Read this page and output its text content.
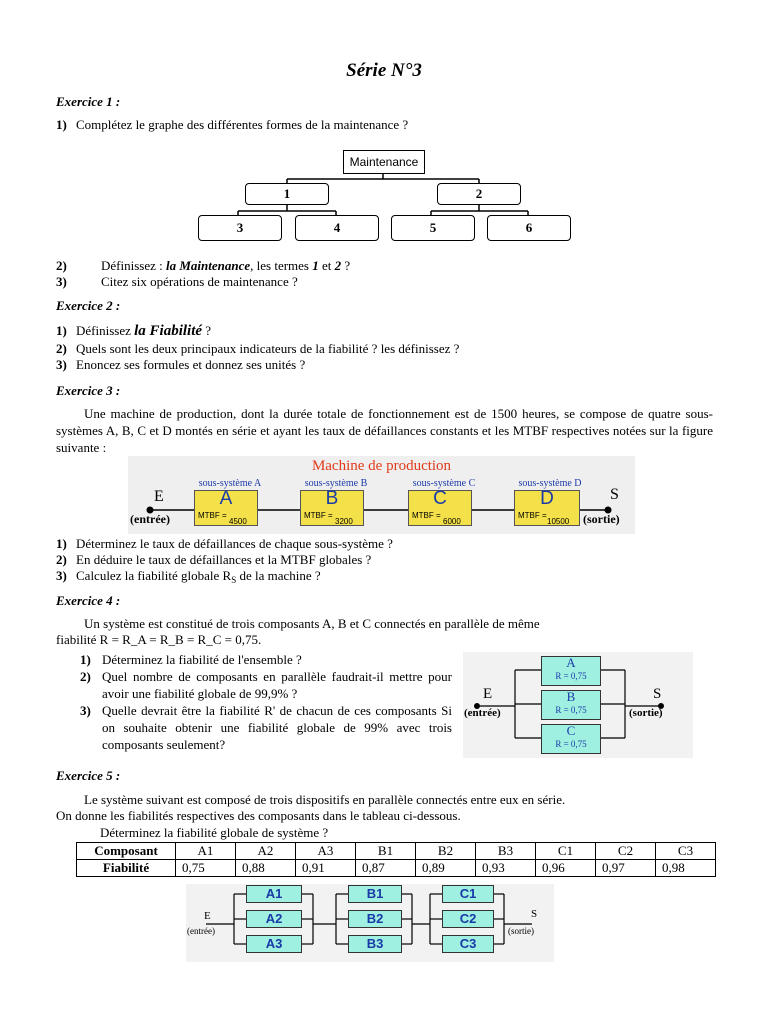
Série N°3
Exercice 1 :
1) Complétez le graphe des différentes formes de la maintenance ?
Maintenance
1	2
3	4	5	6
2)	Définissez : la Maintenance, les termes 1 et 2 ?
3)	Citez six opérations de maintenance ?
Exercice 2 :
1) Définissez la Fiabilité ?
2) Quels sont les deux principaux indicateurs de la fiabilité ? les définissez ?
3) Enoncez ses formules et donnez ses unités ?
Exercice 3 :
Une machine de production, dont la durée totale de fonctionnement est de 1500 heures, se compose de quatre sous-systèmes A, B, C et D montés en série et ayant les taux de défaillances constants et les MTBF respectives notées sur la figure suivante :
Machine de production
E
(entrée)
S
(sortie)
sous-système A
A
MTBF =
4500
sous-système B
B
MTBF =
3200
sous-système C
C
MTBF =
6000
sous-système D
D
MTBF =
10500
1) Déterminez le taux de défaillances de chaque sous-système ?
2) En déduire le taux de défaillances et la MTBF globales ?
3) Calculez la fiabilité globale $R_S$ de la machine ?
Exercice 4 :
Un système est constitué de trois composants A, B et C connectés en parallèle de même
fiabilité R = R_A = R_B = R_C = 0,75.
1) Déterminez la fiabilité de l'ensemble ?
2) Quel nombre de composants en parallèle faudrait-il mettre pour avoir une fiabilité globale de 99,9% ?
3) Quelle devrait être la fiabilité R' de chacun de ces composants Si on souhaite obtenir une fiabilité globale de 99% avec trois composants seulement?
E
(entrée)
S
(sortie)
A
R = 0,75
B
R = 0,75
C
R = 0,75
Exercice 5 :
Le système suivant est composé de trois dispositifs en parallèle connectés entre eux en série.
On donne les fiabilités respectives des composants dans le tableau ci-dessous.
Déterminez la fiabilité globale de système ?
Composant	A1	A2	A3	B1	B2	B3	C1	C2	C3
Fiabilité	0,75	0,88	0,91	0,87	0,89	0,93	0,96	0,97	0,98
E
(entrée)
S
(sortie)
A1
A2
A3
B1
B2
B3
C1
C2
C3
